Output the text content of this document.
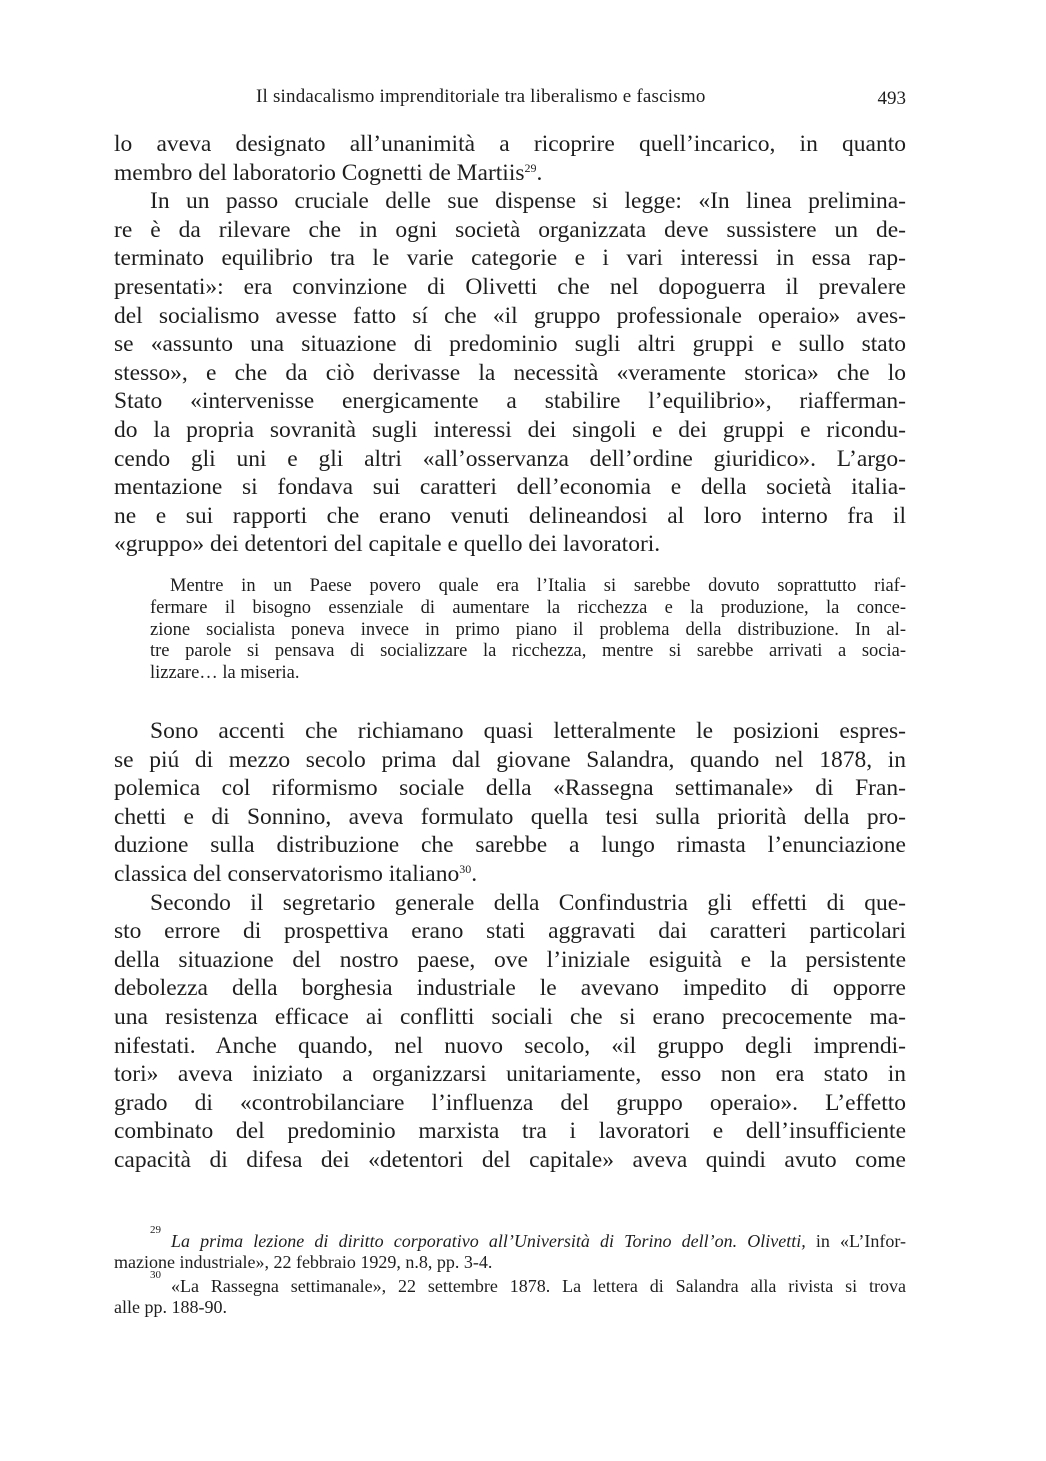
Il sindacalismo imprenditoriale tra liberalismo e fascismo	493

lo aveva designato all’unanimità a ricoprire quell’incarico, in quanto

membro del laboratorio Cognetti de Martiis$^{29}$.

In un passo cruciale delle sue dispense si legge: «In linea prelimina-

re è da rilevare che in ogni società organizzata deve sussistere un de-

terminato equilibrio tra le varie categorie e i vari interessi in essa rap-

presentati»: era convinzione di Olivetti che nel dopoguerra il prevalere

del socialismo avesse fatto sí che «il gruppo professionale operaio» aves-

se «assunto una situazione di predominio sugli altri gruppi e sullo stato

stesso», e che da ciò derivasse la necessità «veramente storica» che lo

Stato «intervenisse energicamente a stabilire l’equilibrio», riafferman-

do la propria sovranità sugli interessi dei singoli e dei gruppi e ricondu-

cendo gli uni e gli altri «all’osservanza dell’ordine giuridico». L’argo-

mentazione si fondava sui caratteri dell’economia e della società italia-

ne e sui rapporti che erano venuti delineandosi al loro interno fra il

«gruppo» dei detentori del capitale e quello dei lavoratori.

Mentre in un Paese povero quale era l’Italia si sarebbe dovuto soprattutto riaf-

fermare il bisogno essenziale di aumentare la ricchezza e la produzione, la conce-

zione socialista poneva invece in primo piano il problema della distribuzione. In al-

tre parole si pensava di socializzare la ricchezza, mentre si sarebbe arrivati a socia-

lizzare… la miseria.

Sono accenti che richiamano quasi letteralmente le posizioni espres-

se piú di mezzo secolo prima dal giovane Salandra, quando nel 1878, in

polemica col riformismo sociale della «Rassegna settimanale» di Fran-

chetti e di Sonnino, aveva formulato quella tesi sulla priorità della pro-

duzione sulla distribuzione che sarebbe a lungo rimasta l’enunciazione

classica del conservatorismo italiano$^{30}$.

Secondo il segretario generale della Confindustria gli effetti di que-

sto errore di prospettiva erano stati aggravati dai caratteri particolari

della situazione del nostro paese, ove l’iniziale esiguità e la persistente

debolezza della borghesia industriale le avevano impedito di opporre

una resistenza efficace ai conflitti sociali che si erano precocemente ma-

nifestati. Anche quando, nel nuovo secolo, «il gruppo degli imprendi-

tori» aveva iniziato a organizzarsi unitariamente, esso non era stato in

grado di «controbilanciare l’influenza del gruppo operaio». L’effetto

combinato del predominio marxista tra i lavoratori e dell’insufficiente

capacità di difesa dei «detentori del capitale» aveva quindi avuto come

$^{29}$La prima lezione di diritto corporativo all’Università di Torino dell’on. Olivetti, in «L’Infor-

mazione industriale», 22 febbraio 1929, n.8, pp. 3-4.

$^{30}$«La Rassegna settimanale», 22 settembre 1878. La lettera di Salandra alla rivista si trova

alle pp. 188-90.
